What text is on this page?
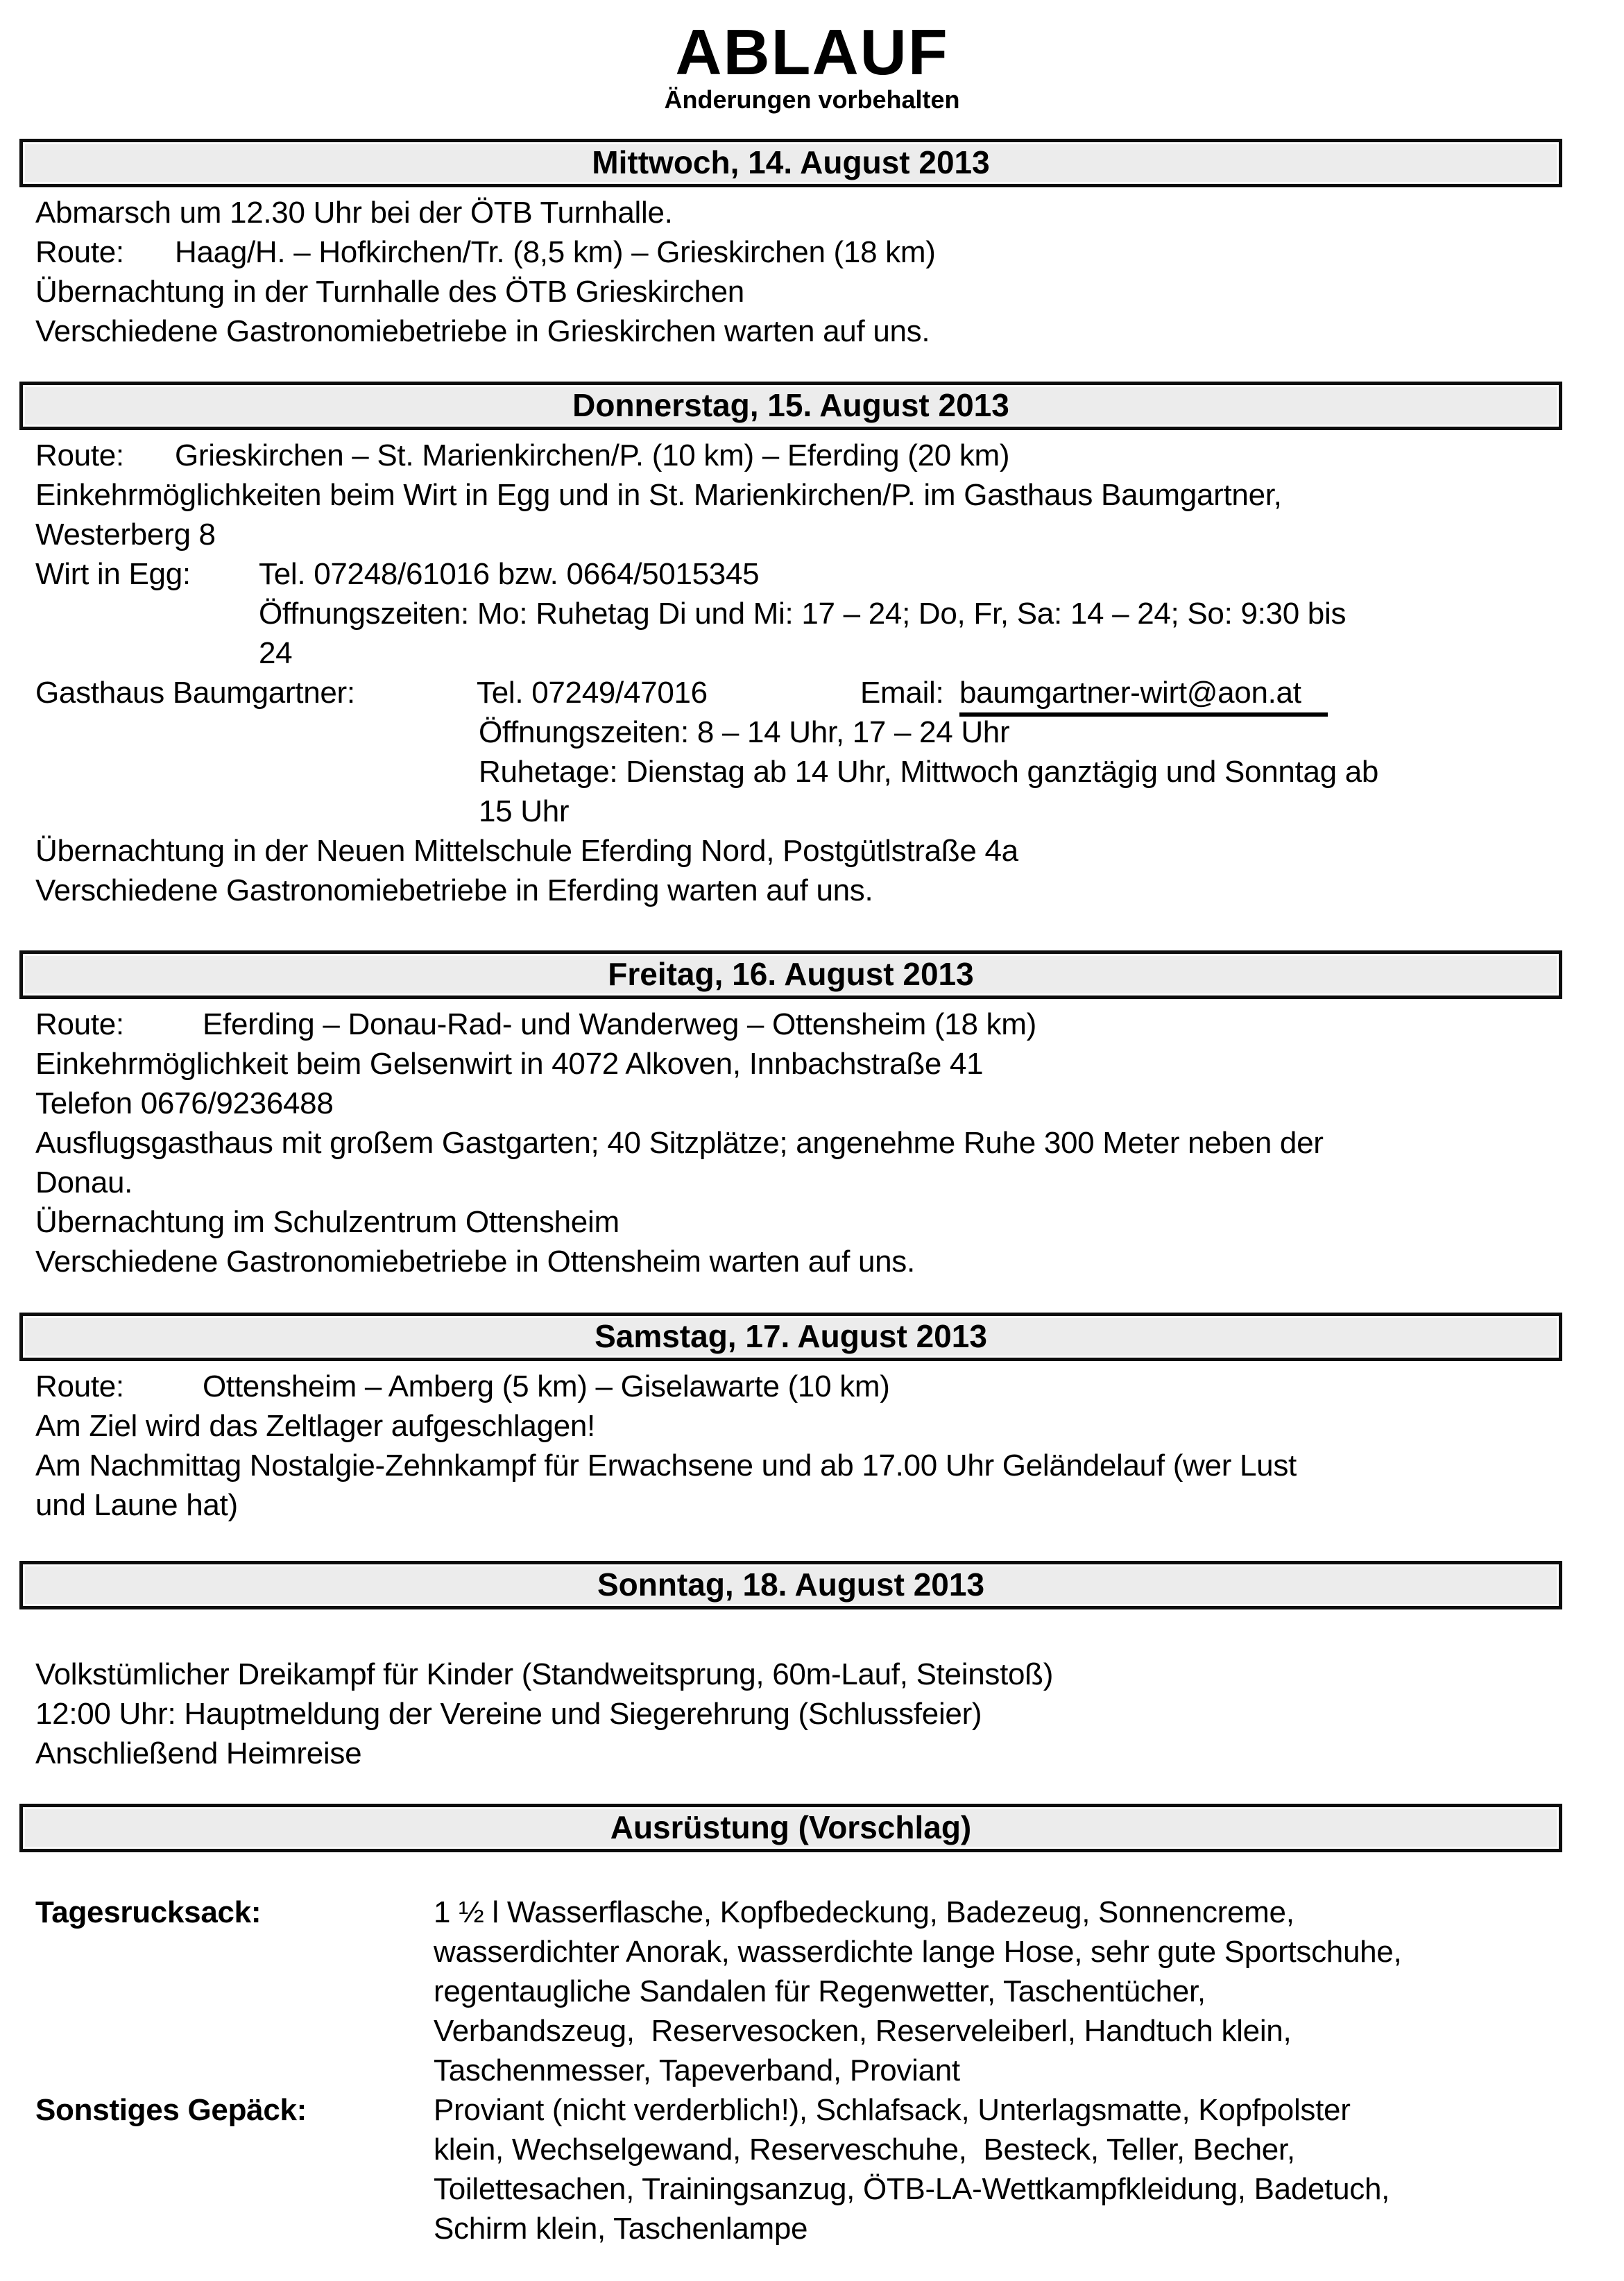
ABLAUF
Änderungen vorbehalten
Mittwoch, 14. August 2013
Abmarsch um 12.30 Uhr bei der ÖTB Turnhalle.
Route: Haag/H. – Hofkirchen/Tr. (8,5 km) – Grieskirchen (18 km)
Übernachtung in der Turnhalle des ÖTB Grieskirchen
Verschiedene Gastronomiebetriebe in Grieskirchen warten auf uns.
Donnerstag, 15. August 2013
Route: Grieskirchen – St. Marienkirchen/P. (10 km) – Eferding (20 km)
Einkehrmöglichkeiten beim Wirt in Egg und in St. Marienkirchen/P. im Gasthaus Baumgartner,
Westerberg 8
Wirt in Egg: Tel. 07248/61016 bzw. 0664/5015345
Öffnungszeiten: Mo: Ruhetag Di und Mi: 17 – 24; Do, Fr, Sa: 14 – 24; So: 9:30 bis
24
Gasthaus Baumgartner:	Tel. 07249/47016	Email: baumgartner-wirt@aon.at
Öffnungszeiten: 8 – 14 Uhr, 17 – 24 Uhr
Ruhetage: Dienstag ab 14 Uhr, Mittwoch ganztägig und Sonntag ab
15 Uhr
Übernachtung in der Neuen Mittelschule Eferding Nord, Postgütlstraße 4a
Verschiedene Gastronomiebetriebe in Eferding warten auf uns.
Freitag, 16. August 2013
Route:	Eferding – Donau-Rad- und Wanderweg – Ottensheim (18 km)
Einkehrmöglichkeit beim Gelsenwirt in 4072 Alkoven, Innbachstraße 41
Telefon 0676/9236488
Ausflugsgasthaus mit großem Gastgarten; 40 Sitzplätze; angenehme Ruhe 300 Meter neben der
Donau.
Übernachtung im Schulzentrum Ottensheim
Verschiedene Gastronomiebetriebe in Ottensheim warten auf uns.
Samstag, 17. August 2013
Route:	Ottensheim – Amberg (5 km) – Giselawarte (10 km)
Am Ziel wird das Zeltlager aufgeschlagen!
Am Nachmittag Nostalgie-Zehnkampf für Erwachsene und ab 17.00 Uhr Geländelauf (wer Lust
und Laune hat)
Sonntag, 18. August 2013
Volkstümlicher Dreikampf für Kinder (Standweitsprung, 60m-Lauf, Steinstoß)
12:00 Uhr: Hauptmeldung der Vereine und Siegerehrung (Schlussfeier)
Anschließend Heimreise
Ausrüstung (Vorschlag)
Tagesrucksack:	1 ½ l Wasserflasche, Kopfbedeckung, Badezeug, Sonnencreme,
wasserdichter Anorak, wasserdichte lange Hose, sehr gute Sportschuhe,
regentaugliche Sandalen für Regenwetter, Taschentücher,
Verbandszeug,  Reservesocken, Reserveleiberl, Handtuch klein,
Taschenmesser, Tapeverband, Proviant
Sonstiges Gepäck:	Proviant (nicht verderblich!), Schlafsack, Unterlagsmatte, Kopfpolster
klein, Wechselgewand, Reserveschuhe,  Besteck, Teller, Becher,
Toilettesachen, Trainingsanzug, ÖTB-LA-Wettkampfkleidung, Badetuch,
Schirm klein, Taschenlampe
